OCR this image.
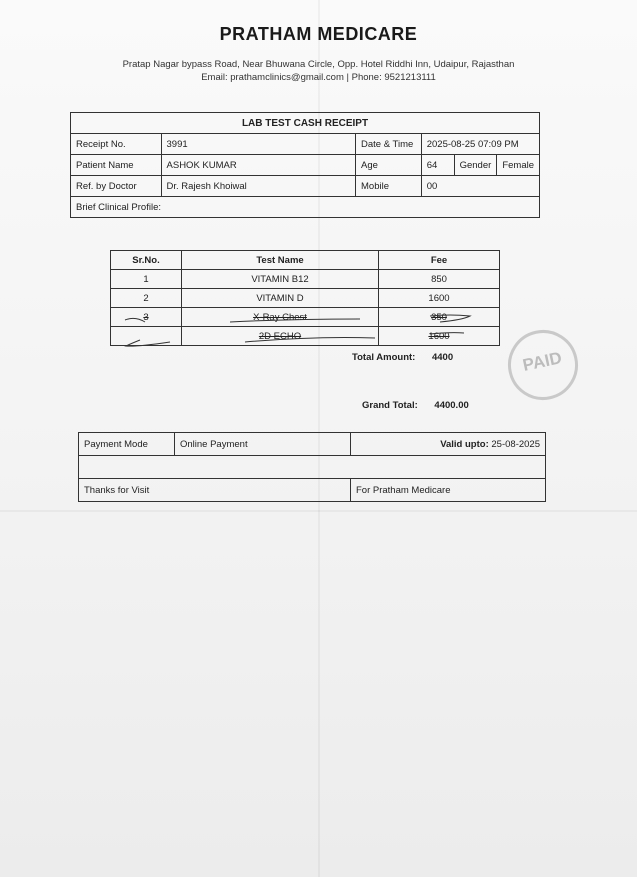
PRATHAM MEDICARE
Pratap Nagar bypass Road, Near Bhuwana Circle, Opp. Hotel Riddhi Inn, Udaipur, Rajasthan
Email: prathamclinics@gmail.com | Phone: 9521213111
LAB TEST CASH RECEIPT					
Receipt No.	3991	Date & Time	2025-08-25 07:09 PM		
Patient Name	ASHOK KUMAR	Age	64	Gender	Female
Ref. by Doctor	Dr. Rajesh Khoiwal	Mobile	00		
Brief Clinical Profile:					
Sr.No.	Test Name	Fee
1	VITAMIN B12	850
2	VITAMIN D	1600
3	X-Ray Chest	350
	2D ECHO	1600
Total Amount: 4400
Grand Total: 4400.00
PAID
Payment Mode	Online Payment	Valid upto: 25-08-2025

Thanks for Visit		For Pratham Medicare
